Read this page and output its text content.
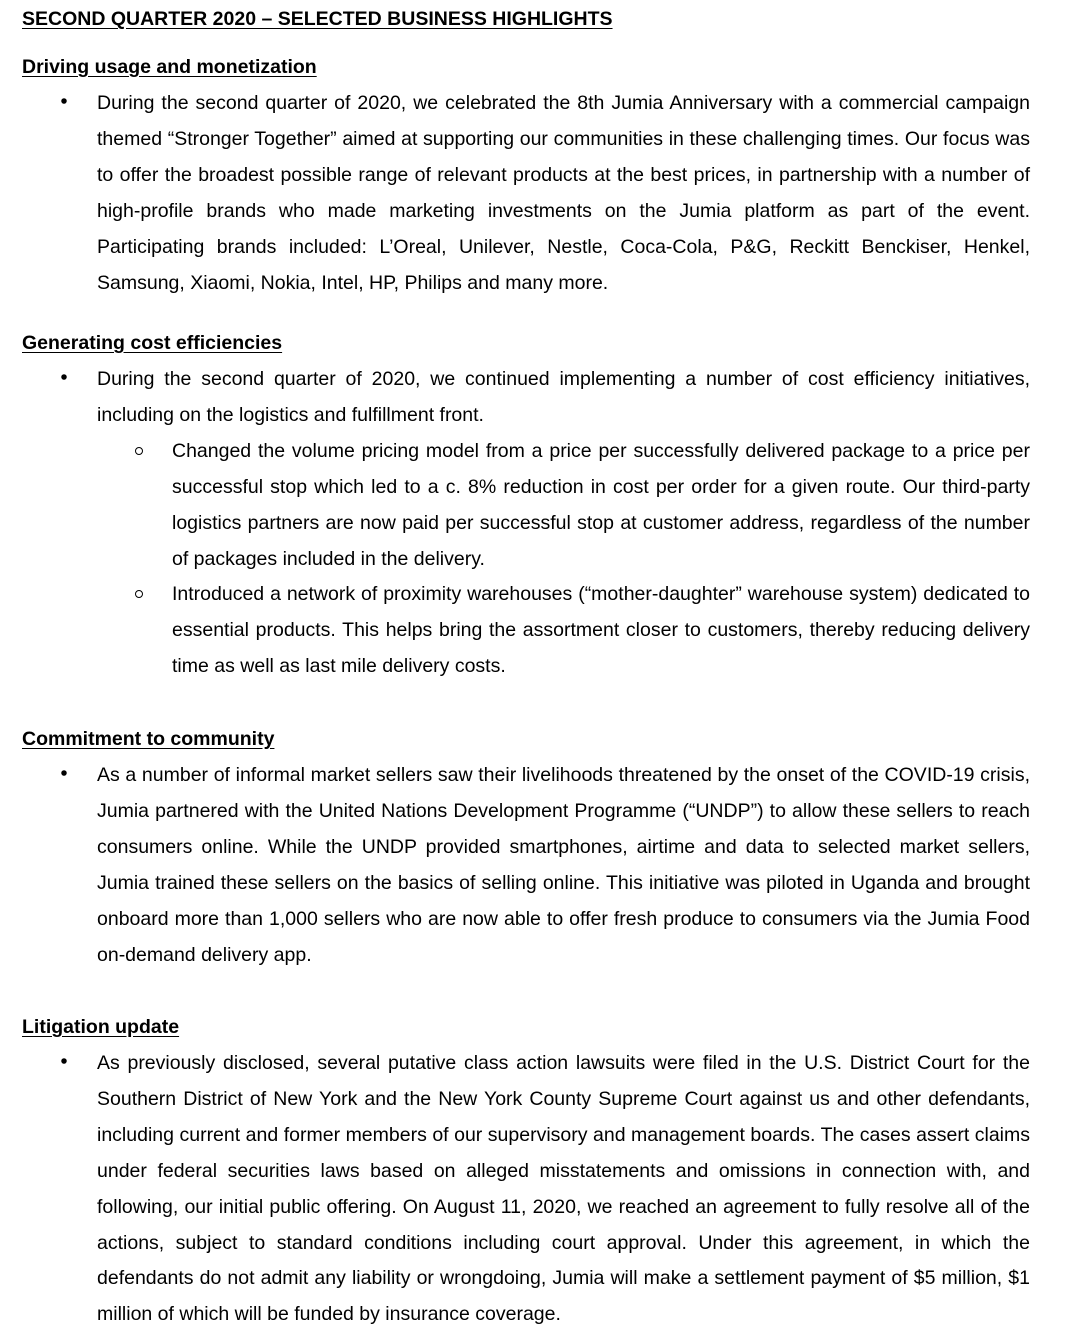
SECOND QUARTER 2020 – SELECTED BUSINESS HIGHLIGHTS
Driving usage and monetization
During the second quarter of 2020, we celebrated the 8th Jumia Anniversary with a commercial campaign themed “Stronger Together” aimed at supporting our communities in these challenging times. Our focus was to offer the broadest possible range of relevant products at the best prices, in partnership with a number of high-profile brands who made marketing investments on the Jumia platform as part of the event. Participating brands included: L’Oreal, Unilever, Nestle, Coca-Cola, P&G, Reckitt Benckiser, Henkel, Samsung, Xiaomi, Nokia, Intel, HP, Philips and many more.
Generating cost efficiencies
During the second quarter of 2020, we continued implementing a number of cost efficiency initiatives, including on the logistics and fulfillment front.
Changed the volume pricing model from a price per successfully delivered package to a price per successful stop which led to a c. 8% reduction in cost per order for a given route. Our third-party logistics partners are now paid per successful stop at customer address, regardless of the number of packages included in the delivery.
Introduced a network of proximity warehouses (“mother-daughter” warehouse system) dedicated to essential products. This helps bring the assortment closer to customers, thereby reducing delivery time as well as last mile delivery costs.
Commitment to community
As a number of informal market sellers saw their livelihoods threatened by the onset of the COVID-19 crisis, Jumia partnered with the United Nations Development Programme (“UNDP”) to allow these sellers to reach consumers online. While the UNDP provided smartphones, airtime and data to selected market sellers, Jumia trained these sellers on the basics of selling online. This initiative was piloted in Uganda and brought onboard more than 1,000 sellers who are now able to offer fresh produce to consumers via the Jumia Food on-demand delivery app.
Litigation update
As previously disclosed, several putative class action lawsuits were filed in the U.S. District Court for the Southern District of New York and the New York County Supreme Court against us and other defendants, including current and former members of our supervisory and management boards. The cases assert claims under federal securities laws based on alleged misstatements and omissions in connection with, and following, our initial public offering. On August 11, 2020, we reached an agreement to fully resolve all of the actions, subject to standard conditions including court approval. Under this agreement, in which the defendants do not admit any liability or wrongdoing, Jumia will make a settlement payment of $5 million, $1 million of which will be funded by insurance coverage.
